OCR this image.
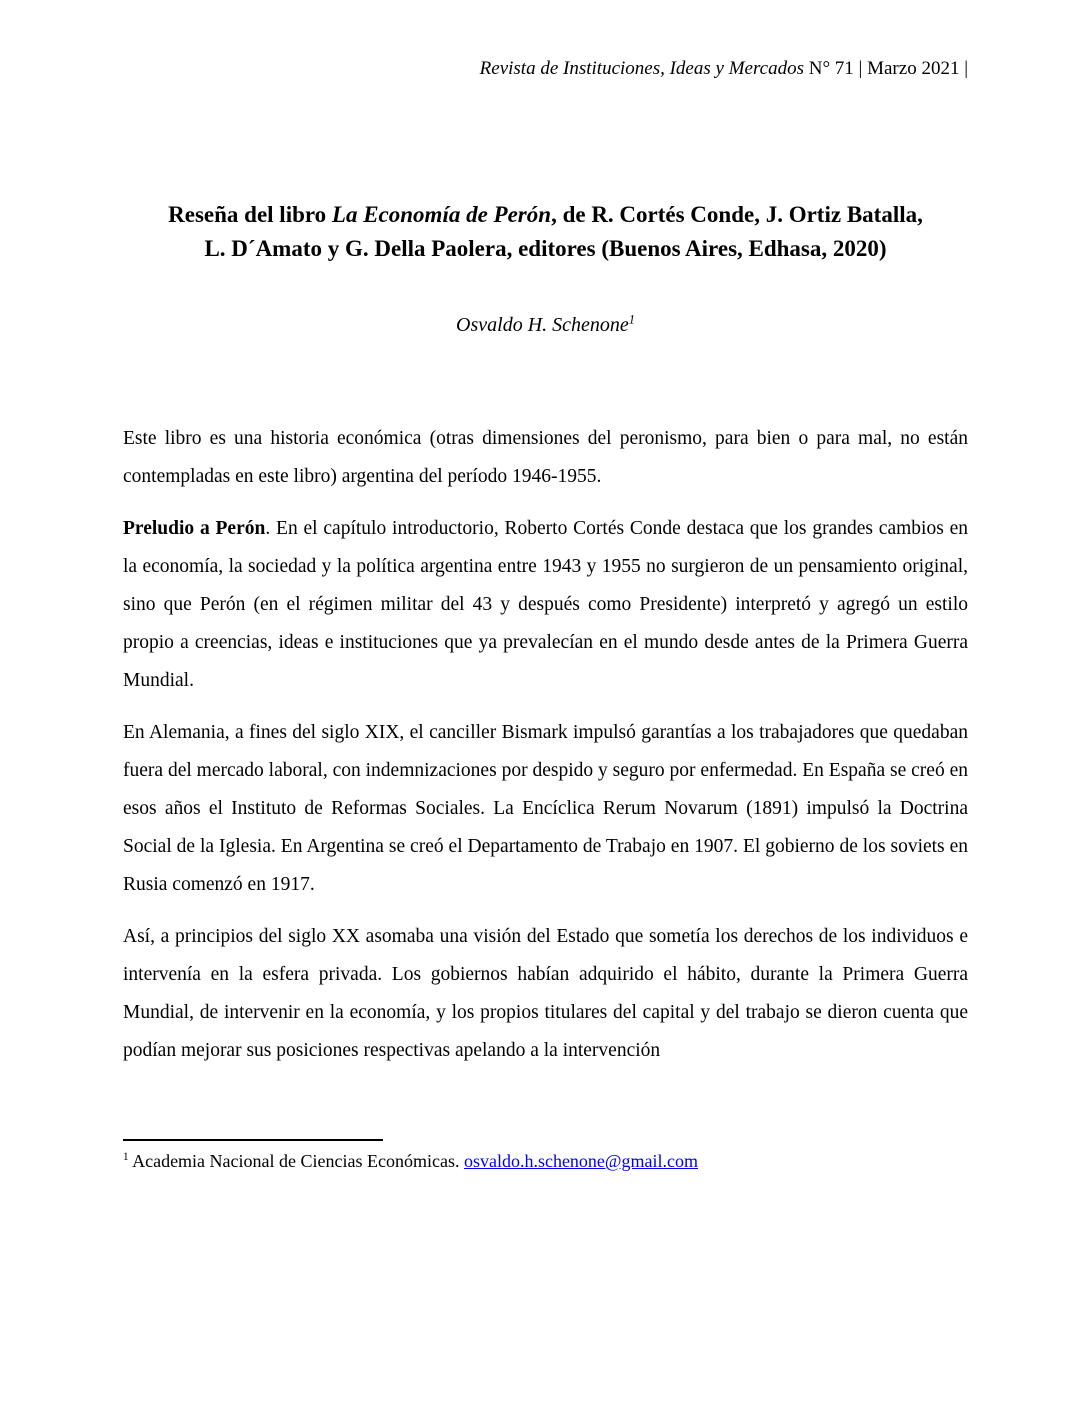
Revista de Instituciones, Ideas y Mercados N° 71 | Marzo 2021 |
Reseña del libro La Economía de Perón, de R. Cortés Conde, J. Ortiz Batalla,
L. D´Amato y G. Della Paolera, editores (Buenos Aires, Edhasa, 2020)
Osvaldo H. Schenone$^1$

Este libro es una historia económica (otras dimensiones del peronismo, para bien o para mal, no están contempladas en este libro) argentina del período 1946-1955.

Preludio a Perón. En el capítulo introductorio, Roberto Cortés Conde destaca que los grandes cambios en la economía, la sociedad y la política argentina entre 1943 y 1955 no surgieron de un pensamiento original, sino que Perón (en el régimen militar del 43 y después como Presidente) interpretó y agregó un estilo propio a creencias, ideas e instituciones que ya prevalecían en el mundo desde antes de la Primera Guerra Mundial.

En Alemania, a fines del siglo XIX, el canciller Bismark impulsó garantías a los trabajadores que quedaban fuera del mercado laboral, con indemnizaciones por despido y seguro por enfermedad. En España se creó en esos años el Instituto de Reformas Sociales. La Encíclica Rerum Novarum (1891) impulsó la Doctrina Social de la Iglesia. En Argentina se creó el Departamento de Trabajo en 1907. El gobierno de los soviets en Rusia comenzó en 1917.

Así, a principios del siglo XX asomaba una visión del Estado que sometía los derechos de los individuos e intervenía en la esfera privada. Los gobiernos habían adquirido el hábito, durante la Primera Guerra Mundial, de intervenir en la economía, y los propios titulares del capital y del trabajo se dieron cuenta que podían mejorar sus posiciones respectivas apelando a la intervención

$^1$ Academia Nacional de Ciencias Económicas. osvaldo.h.schenone@gmail.com
